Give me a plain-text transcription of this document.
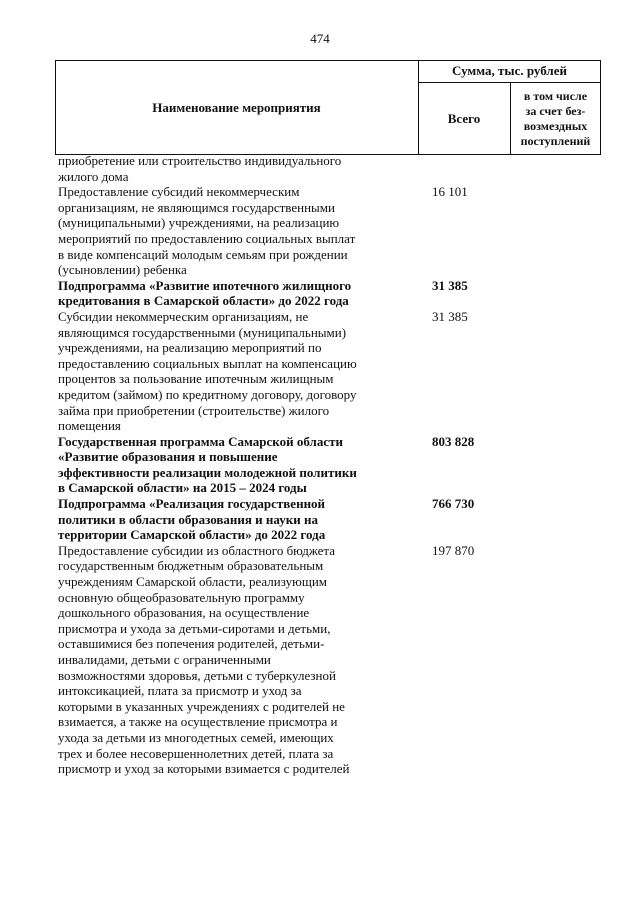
474
Наименование мероприятия
Сумма, тыс. рублей
Всего
в том числе
за счет без-
возмездных
поступлений
приобретение или строительство индивидуального
жилого дома
Предоставление субсидий некоммерческим
организациям, не являющимся государственными
(муниципальными) учреждениями, на реализацию
мероприятий по предоставлению социальных выплат
в виде компенсаций молодым семьям при рождении
(усыновлении) ребенка
16 101
Подпрограмма «Развитие ипотечного жилищного
кредитования в Самарской области» до 2022 года
31 385
Субсидии некоммерческим организациям, не
являющимся государственными (муниципальными)
учреждениями, на реализацию мероприятий по
предоставлению социальных выплат на компенсацию
процентов за пользование ипотечным жилищным
кредитом (займом) по кредитному договору, договору
займа при приобретении (строительстве) жилого
помещения
31 385
Государственная программа Самарской области
«Развитие образования и повышение
эффективности реализации молодежной политики
в Самарской области» на 2015 – 2024 годы
803 828
Подпрограмма «Реализация государственной
политики в области образования и науки на
территории Самарской области» до 2022 года
766 730
Предоставление субсидии из областного бюджета
государственным бюджетным образовательным
учреждениям Самарской области, реализующим
основную общеобразовательную программу
дошкольного образования, на осуществление
присмотра и ухода за детьми-сиротами и детьми,
оставшимися без попечения родителей, детьми-
инвалидами, детьми с ограниченными
возможностями здоровья, детьми с туберкулезной
интоксикацией, плата за присмотр и уход за
которыми в указанных учреждениях с родителей не
взимается, а также на осуществление присмотра и
ухода за детьми из многодетных семей, имеющих
трех и более несовершеннолетних детей, плата за
присмотр и уход за которыми взимается с родителей
197 870
